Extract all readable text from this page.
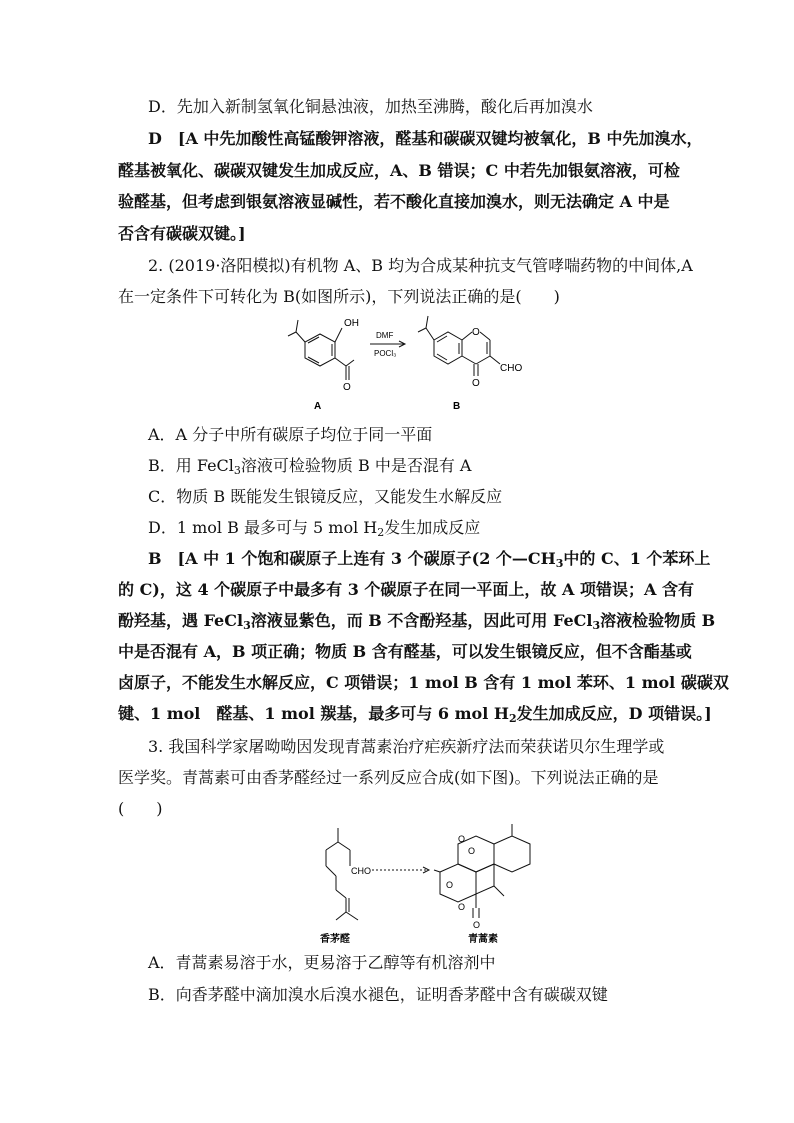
D．先加入新制氢氧化铜悬浊液，加热至沸腾，酸化后再加溴水
D　[A 中先加酸性高锰酸钾溶液，醛基和碳碳双键均被氧化，B 中先加溴水，
醛基被氧化、碳碳双键发生加成反应，A、B 错误；C 中若先加银氨溶液，可检
验醛基，但考虑到银氨溶液显碱性，若不酸化直接加溴水，则无法确定 A 中是
否含有碳碳双键。]
2. (2019·洛阳模拟)有机物 A、B 均为合成某种抗支气管哮喘药物的中间体,A
在一定条件下可转化为 B(如图所示)，下列说法正确的是(　　)
OH
O
DMF
POCl₃
O
O
CHO
A	B
A．A 分子中所有碳原子均位于同一平面
B．用 FeCl$_3$溶液可检验物质 B 中是否混有 A
C．物质 B 既能发生银镜反应，又能发生水解反应
D．1 mol B 最多可与 5 mol $H_2$发生加成反应
B　[A 中 1 个饱和碳原子上连有 3 个碳原子(2 个$—CH_3$中的 C、1 个苯环上
的 C)，这 4 个碳原子中最多有 3 个碳原子在同一平面上，故 A 项错误；A 含有
酚羟基，遇 FeCl$_3$溶液显紫色，而 B 不含酚羟基，因此可用 FeCl$_3$溶液检验物质 B
中是否混有 A，B 项正确；物质 B 含有醛基，可以发生银镜反应，但不含酯基或
卤原子，不能发生水解反应，C 项错误；1 mol B 含有 1 mol 苯环、1 mol 碳碳双
键、1 mol　醛基、1 mol 羰基，最多可与 6 mol $H_2$发生加成反应，D 项错误。]
3. 我国科学家屠呦呦因发现青蒿素治疗疟疾新疗法而荣获诺贝尔生理学或
医学奖。青蒿素可由香茅醛经过一系列反应合成(如下图)。下列说法正确的是
(　　)
CHO
O
O
O
O
O
香茅醛	青蒿素
A．青蒿素易溶于水，更易溶于乙醇等有机溶剂中
B．向香茅醛中滴加溴水后溴水褪色，证明香茅醛中含有碳碳双键
